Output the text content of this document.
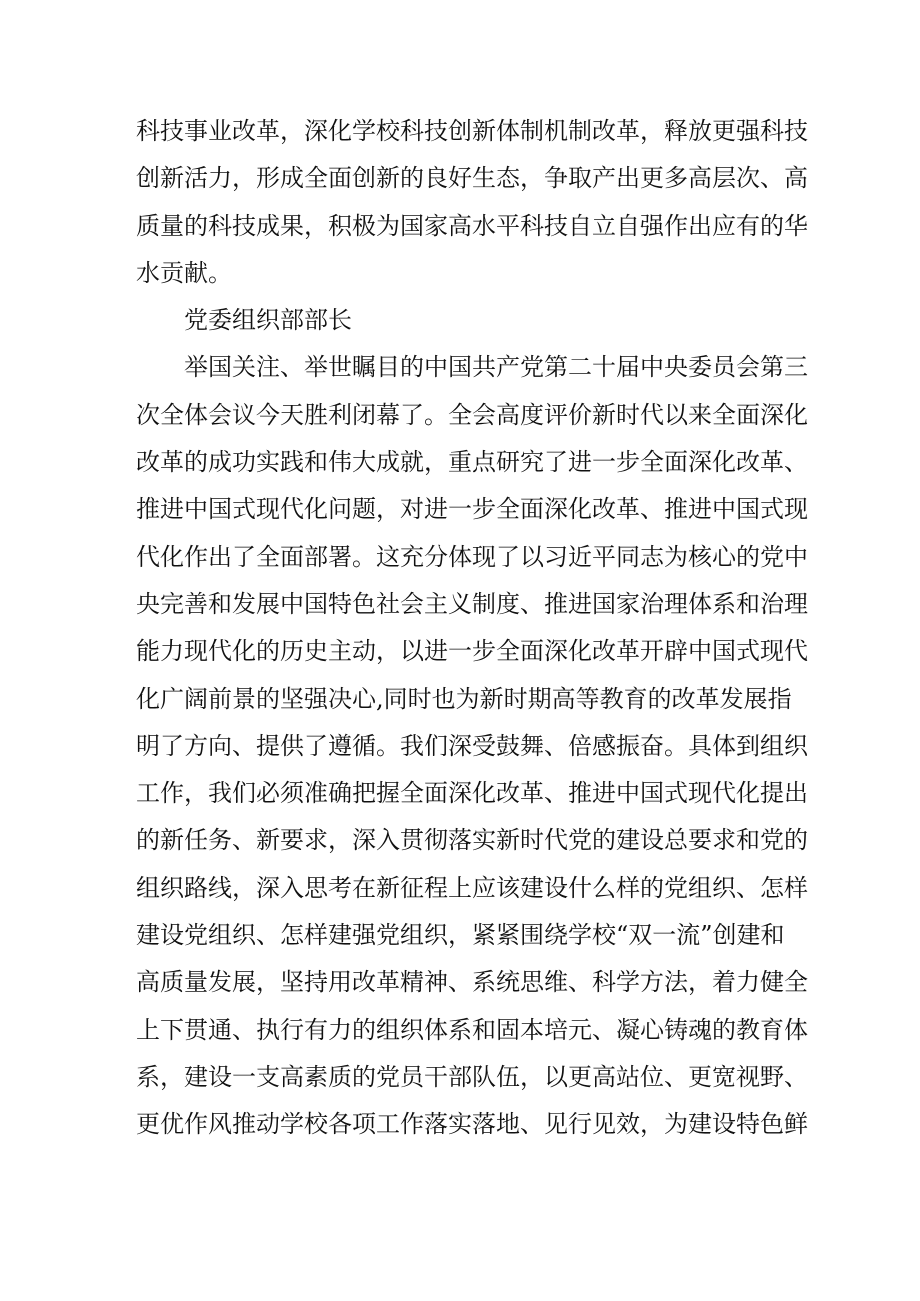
科技事业改革，深化学校科技创新体制机制改革，释放更强科技
创新活力，形成全面创新的良好生态，争取产出更多高层次、高
质量的科技成果，积极为国家高水平科技自立自强作出应有的华
水贡献。
党委组织部部长
举国关注、举世瞩目的中国共产党第二十届中央委员会第三
次全体会议今天胜利闭幕了。全会高度评价新时代以来全面深化
改革的成功实践和伟大成就，重点研究了进一步全面深化改革、
推进中国式现代化问题，对进一步全面深化改革、推进中国式现
代化作出了全面部署。这充分体现了以习近平同志为核心的党中
央完善和发展中国特色社会主义制度、推进国家治理体系和治理
能力现代化的历史主动，以进一步全面深化改革开辟中国式现代
化广阔前景的坚强决心,同时也为新时期高等教育的改革发展指
明了方向、提供了遵循。我们深受鼓舞、倍感振奋。具体到组织
工作，我们必须准确把握全面深化改革、推进中国式现代化提出
的新任务、新要求，深入贯彻落实新时代党的建设总要求和党的
组织路线，深入思考在新征程上应该建设什么样的党组织、怎样
建设党组织、怎样建强党组织，紧紧围绕学校“双一流”创建和
高质量发展，坚持用改革精神、系统思维、科学方法，着力健全
上下贯通、执行有力的组织体系和固本培元、凝心铸魂的教育体
系，建设一支高素质的党员干部队伍，以更高站位、更宽视野、
更优作风推动学校各项工作落实落地、见行见效，为建设特色鲜
